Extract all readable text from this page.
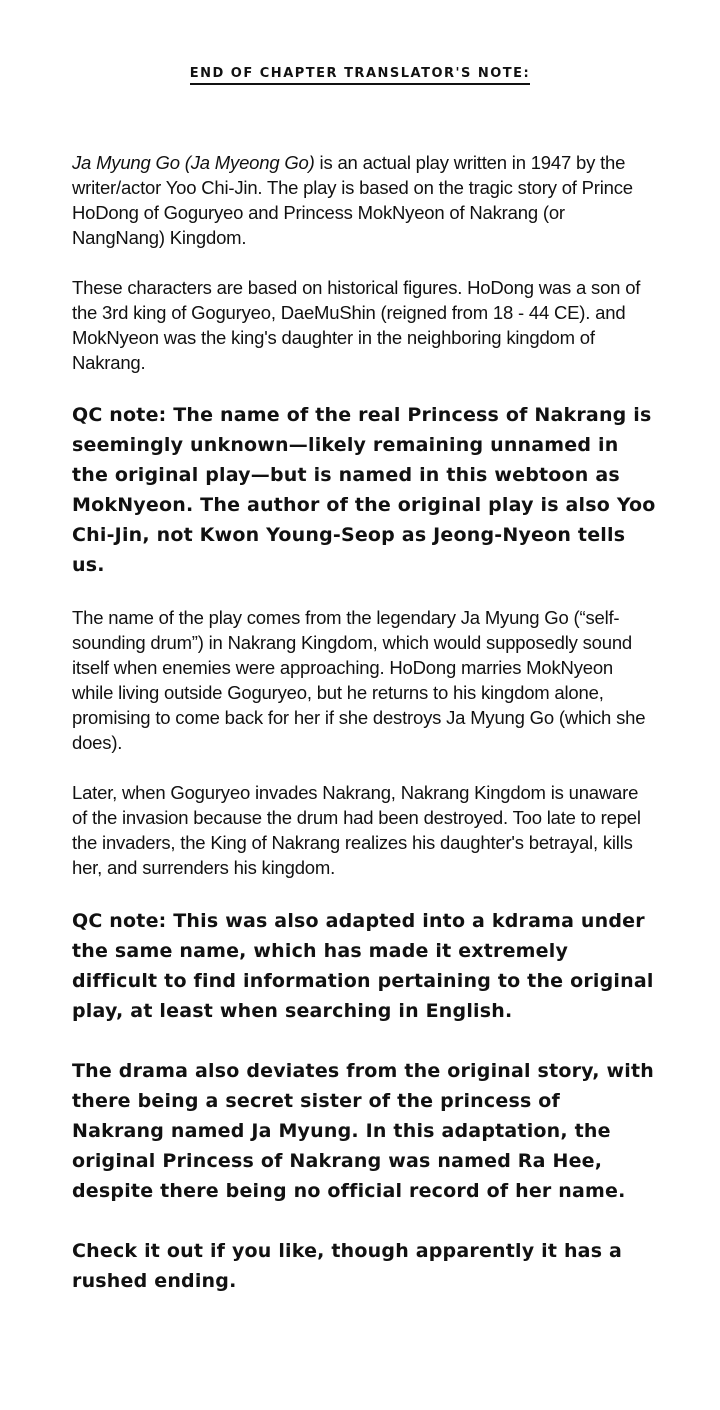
END OF CHAPTER TRANSLATOR'S NOTE:

Ja Myung Go (Ja Myeong Go) is an actual play written in 1947 by the writer/actor Yoo Chi-Jin. The play is based on the tragic story of Prince HoDong of Goguryeo and Princess MokNyeon of Nakrang (or NangNang) Kingdom.

These characters are based on historical figures. HoDong was a son of the 3rd king of Goguryeo, DaeMuShin (reigned from 18 - 44 CE). and MokNyeon was the king's daughter in the neighboring kingdom of Nakrang.

QC note: The name of the real Princess of Nakrang is seemingly unknown—likely remaining unnamed in the original play—but is named in this webtoon as MokNyeon. The author of the original play is also Yoo Chi-Jin, not Kwon Young-Seop as Jeong-Nyeon tells us.

The name of the play comes from the legendary Ja Myung Go (“self-sounding drum”) in Nakrang Kingdom, which would supposedly sound itself when enemies were approaching. HoDong marries MokNyeon while living outside Goguryeo, but he returns to his kingdom alone, promising to come back for her if she destroys Ja Myung Go (which she does).

Later, when Goguryeo invades Nakrang, Nakrang Kingdom is unaware of the invasion because the drum had been destroyed. Too late to repel the invaders, the King of Nakrang realizes his daughter's betrayal, kills her, and surrenders his kingdom.

QC note: This was also adapted into a kdrama under the same name, which has made it extremely difficult to find information pertaining to the original play, at least when searching in English.

The drama also deviates from the original story, with there being a secret sister of the princess of Nakrang named Ja Myung. In this adaptation, the original Princess of Nakrang was named Ra Hee, despite there being no official record of her name.

Check it out if you like, though apparently it has a rushed ending.
